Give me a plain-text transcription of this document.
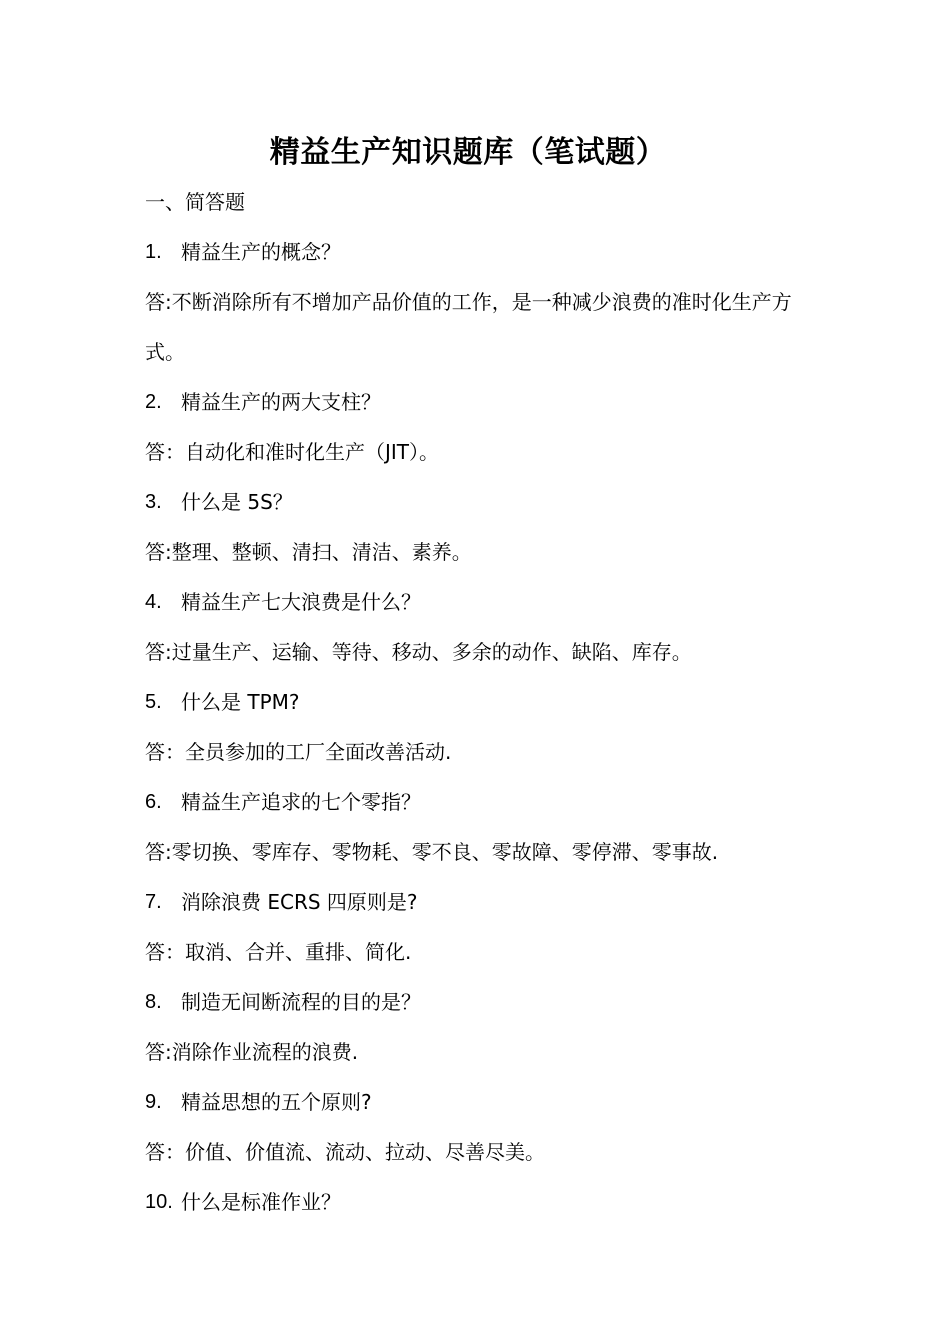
精益生产知识题库（笔试题）
一、简答题
1. 精益生产的概念？
答:不断消除所有不增加产品价值的工作，是一种减少浪费的准时化生产方式。
2. 精益生产的两大支柱？
答：自动化和准时化生产（JIT）。
3. 什么是 5S？
答:整理、整顿、清扫、清洁、素养。
4. 精益生产七大浪费是什么？
答:过量生产、运输、等待、移动、多余的动作、缺陷、库存。
5. 什么是 TPM?
答：全员参加的工厂全面改善活动.
6. 精益生产追求的七个零指？
答:零切换、零库存、零物耗、零不良、零故障、零停滞、零事故.
7. 消除浪费 ECRS 四原则是?
答：取消、合并、重排、简化.
8. 制造无间断流程的目的是？
答:消除作业流程的浪费.
9. 精益思想的五个原则?
答：价值、价值流、流动、拉动、尽善尽美。
10. 什么是标准作业？
